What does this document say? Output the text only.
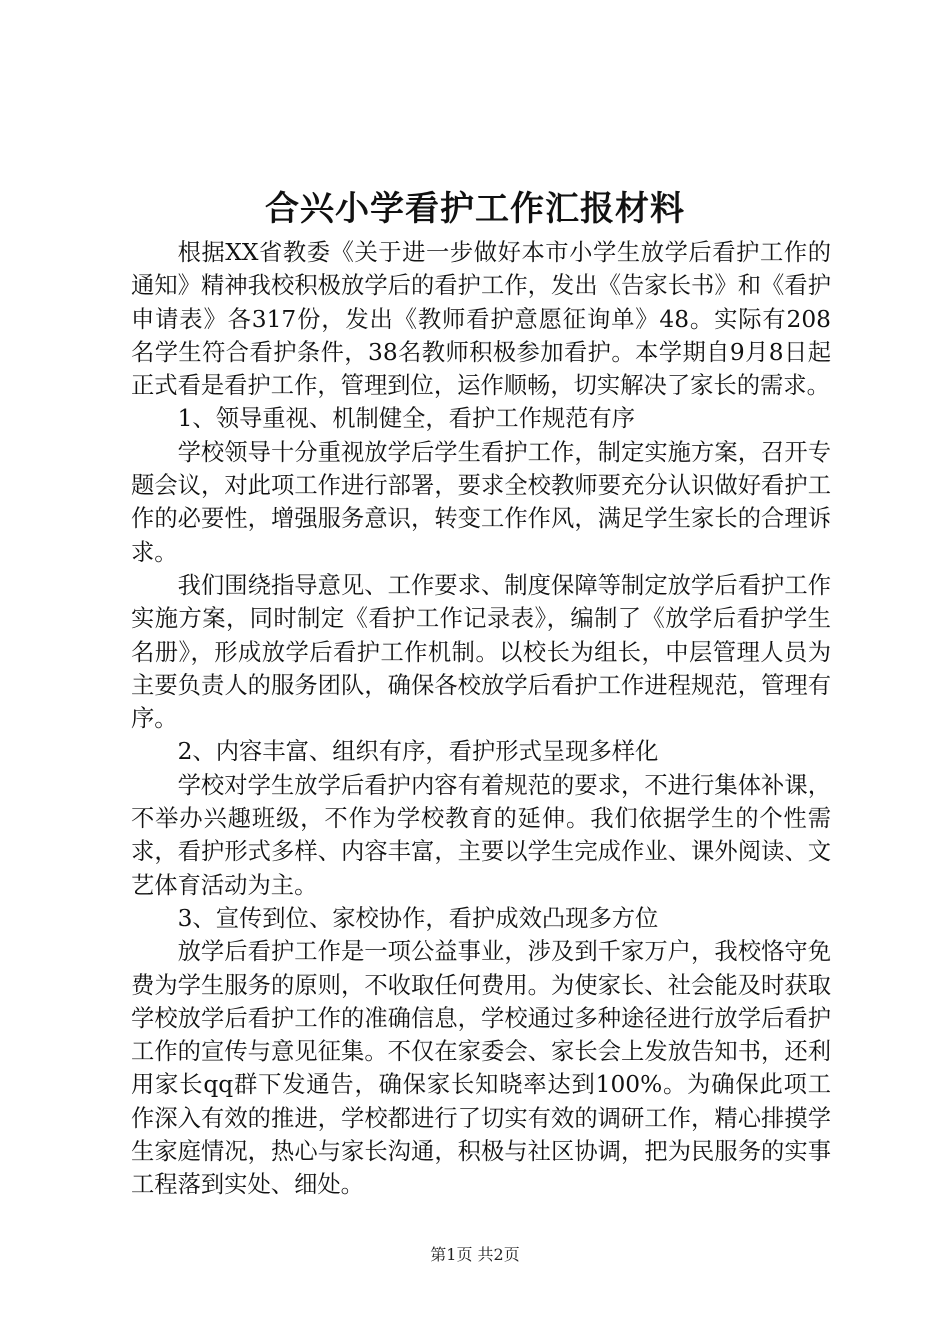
合兴小学看护工作汇报材料

根据XX省教委《关于进一步做好本市小学生放学后看护工作的通知》精神我校积极放学后的看护工作，发出《告家长书》和《看护申请表》各317份，发出《教师看护意愿征询单》48。实际有208名学生符合看护条件，38名教师积极参加看护。本学期自9月8日起正式看是看护工作，管理到位，运作顺畅，切实解决了家长的需求。

1、领导重视、机制健全，看护工作规范有序

学校领导十分重视放学后学生看护工作，制定实施方案，召开专题会议，对此项工作进行部署，要求全校教师要充分认识做好看护工作的必要性，增强服务意识，转变工作作风，满足学生家长的合理诉求。

我们围绕指导意见、工作要求、制度保障等制定放学后看护工作实施方案，同时制定《看护工作记录表》，编制了《放学后看护学生名册》，形成放学后看护工作机制。以校长为组长，中层管理人员为主要负责人的服务团队，确保各校放学后看护工作进程规范，管理有序。

2、内容丰富、组织有序，看护形式呈现多样化

学校对学生放学后看护内容有着规范的要求，不进行集体补课，不举办兴趣班级，不作为学校教育的延伸。我们依据学生的个性需求，看护形式多样、内容丰富，主要以学生完成作业、课外阅读、文艺体育活动为主。

3、宣传到位、家校协作，看护成效凸现多方位

放学后看护工作是一项公益事业，涉及到千家万户，我校恪守免费为学生服务的原则，不收取任何费用。为使家长、社会能及时获取学校放学后看护工作的准确信息，学校通过多种途径进行放学后看护工作的宣传与意见征集。不仅在家委会、家长会上发放告知书，还利用家长qq群下发通告，确保家长知晓率达到100%。为确保此项工作深入有效的推进，学校都进行了切实有效的调研工作，精心排摸学生家庭情况，热心与家长沟通，积极与社区协调，把为民服务的实事工程落到实处、细处。

第1页 共2页
